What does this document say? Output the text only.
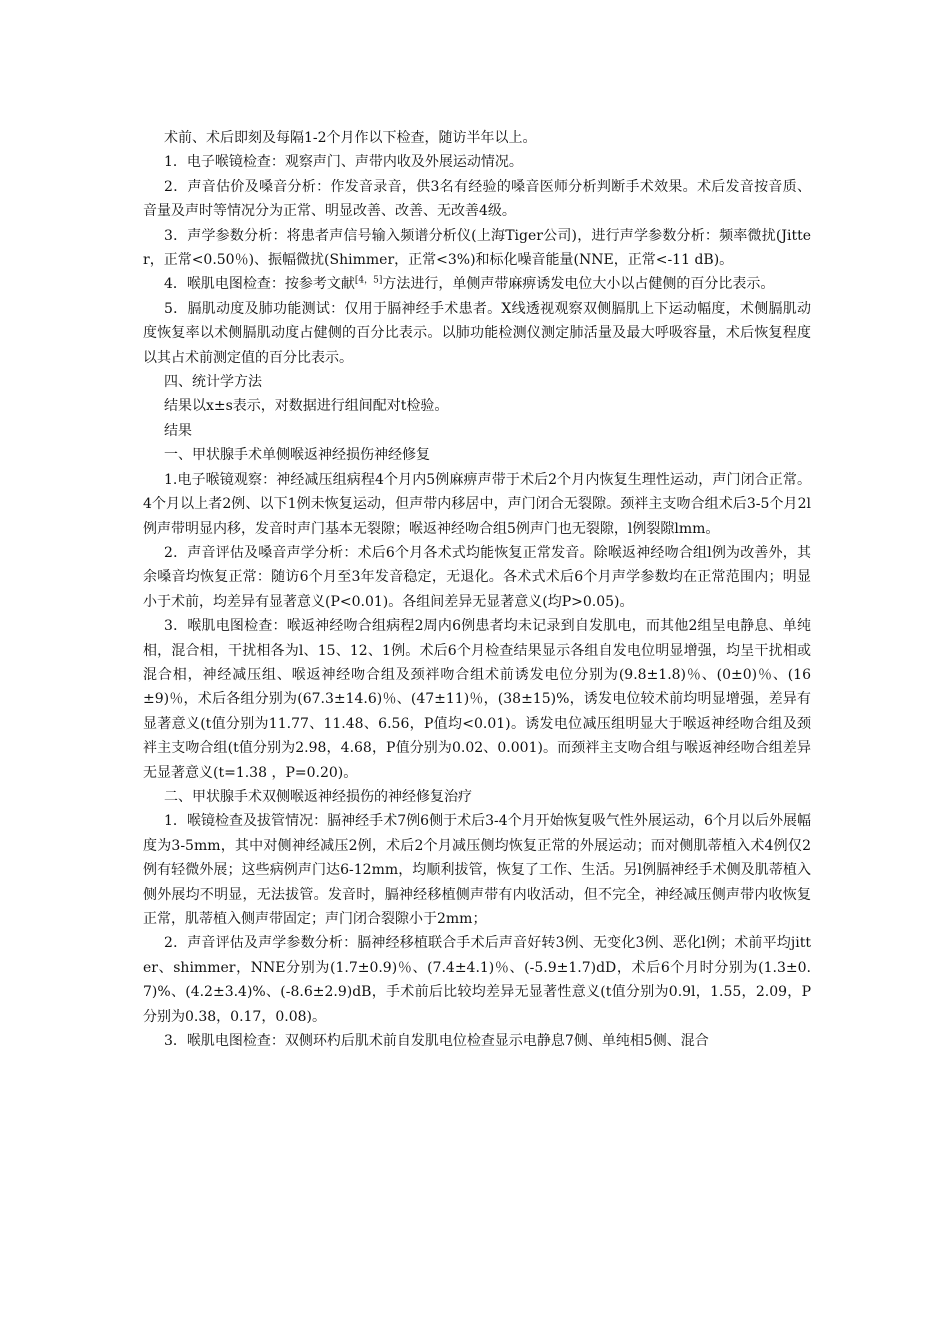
术前、术后即刻及每隔1-2个月作以下检查，随访半年以上。

1．电子喉镜检查：观察声门、声带内收及外展运动情况。

2．声音估价及嗓音分析：作发音录音，供3名有经验的嗓音医师分析判断手术效果。术后发音按音质、音量及声时等情况分为正常、明显改善、改善、无改善4级。

3．声学参数分析：将患者声信号输入频谱分析仪(上海Tiger公司)，进行声学参数分析：频率微扰(Jitter，正常<0.50％)、振幅微扰(Shimmer，正常<3%)和标化噪音能量(NNE，正常<-11 dB)。

4．喉肌电图检查：按参考文献[4，5]方法进行，单侧声带麻痹诱发电位大小以占健侧的百分比表示。

5．膈肌动度及肺功能测试：仅用于膈神经手术患者。X线透视观察双侧膈肌上下运动幅度，术侧膈肌动度恢复率以术侧膈肌动度占健侧的百分比表示。以肺功能检测仪测定肺活量及最大呼吸容量，术后恢复程度以其占术前测定值的百分比表示。

四、统计学方法

结果以x±s表示，对数据进行组间配对t检验。

结果

一、甲状腺手术单侧喉返神经损伤神经修复

1.电子喉镜观察：神经减压组病程4个月内5例麻痹声带于术后2个月内恢复生理性运动，声门闭合正常。4个月以上者2例、以下1例未恢复运动，但声带内移居中，声门闭合无裂隙。颈袢主支吻合组术后3-5个月2l例声带明显内移，发音时声门基本无裂隙；喉返神经吻合组5例声门也无裂隙，l例裂隙lmm。

2．声音评估及嗓音声学分析：术后6个月各术式均能恢复正常发音。除喉返神经吻合组l例为改善外，其余嗓音均恢复正常：随访6个月至3年发音稳定，无退化。各术式术后6个月声学参数均在正常范围内；明显小于术前，均差异有显著意义(P<0.01)。各组间差异无显著意义(均P>0.05)。

3．喉肌电图检查：喉返神经吻合组病程2周内6例患者均未记录到自发肌电，而其他2组呈电静息、单纯相，混合相，干扰相各为l、15、12、1例。术后6个月检查结果显示各组自发电位明显增强，均呈干扰相或混合相，神经减压组、喉返神经吻合组及颈袢吻合组术前诱发电位分别为(9.8±1.8)％、(0±0)％、(16±9)％，术后各组分别为(67.3±14.6)％、(47±11)％，(38±15)%，诱发电位较术前均明显增强，差异有显著意义(t值分别为11.77、11.48、6.56，P值均<0.01)。诱发电位减压组明显大于喉返神经吻合组及颈袢主支吻合组(t值分别为2.98，4.68，P值分别为0.02、0.001)。而颈袢主支吻合组与喉返神经吻合组差异无显著意义(t=1.38 ，P=0.20)。

二、甲状腺手术双侧喉返神经损伤的神经修复治疗

1．喉镜检查及拔管情况：膈神经手术7例6侧于术后3-4个月开始恢复吸气性外展运动，6个月以后外展幅度为3-5mm，其中对侧神经减压2例，术后2个月减压侧均恢复正常的外展运动；而对侧肌蒂植入术4例仅2例有轻微外展；这些病例声门达6-12mm，均顺利拔管，恢复了工作、生活。另l例膈神经手术侧及肌蒂植入侧外展均不明显，无法拔管。发音时，膈神经移植侧声带有内收活动，但不完全，神经减压侧声带内收恢复正常，肌蒂植入侧声带固定；声门闭合裂隙小于2mm；

2．声音评估及声学参数分析：膈神经移植联合手术后声音好转3例、无变化3例、恶化l例；术前平均jitter、shimmer，NNE分别为(1.7±0.9)％、(7.4±4.1)％、(-5.9±1.7)dD，术后6个月时分别为(1.3±0.7)%、(4.2±3.4)%、(-8.6±2.9)dB，手术前后比较均差异无显著性意义(t值分别为0.9l，1.55，2.09，P分别为0.38，0.17，0.08)。

3．喉肌电图检查：双侧环杓后肌术前自发肌电位检查显示电静息7侧、单纯相5侧、混合
